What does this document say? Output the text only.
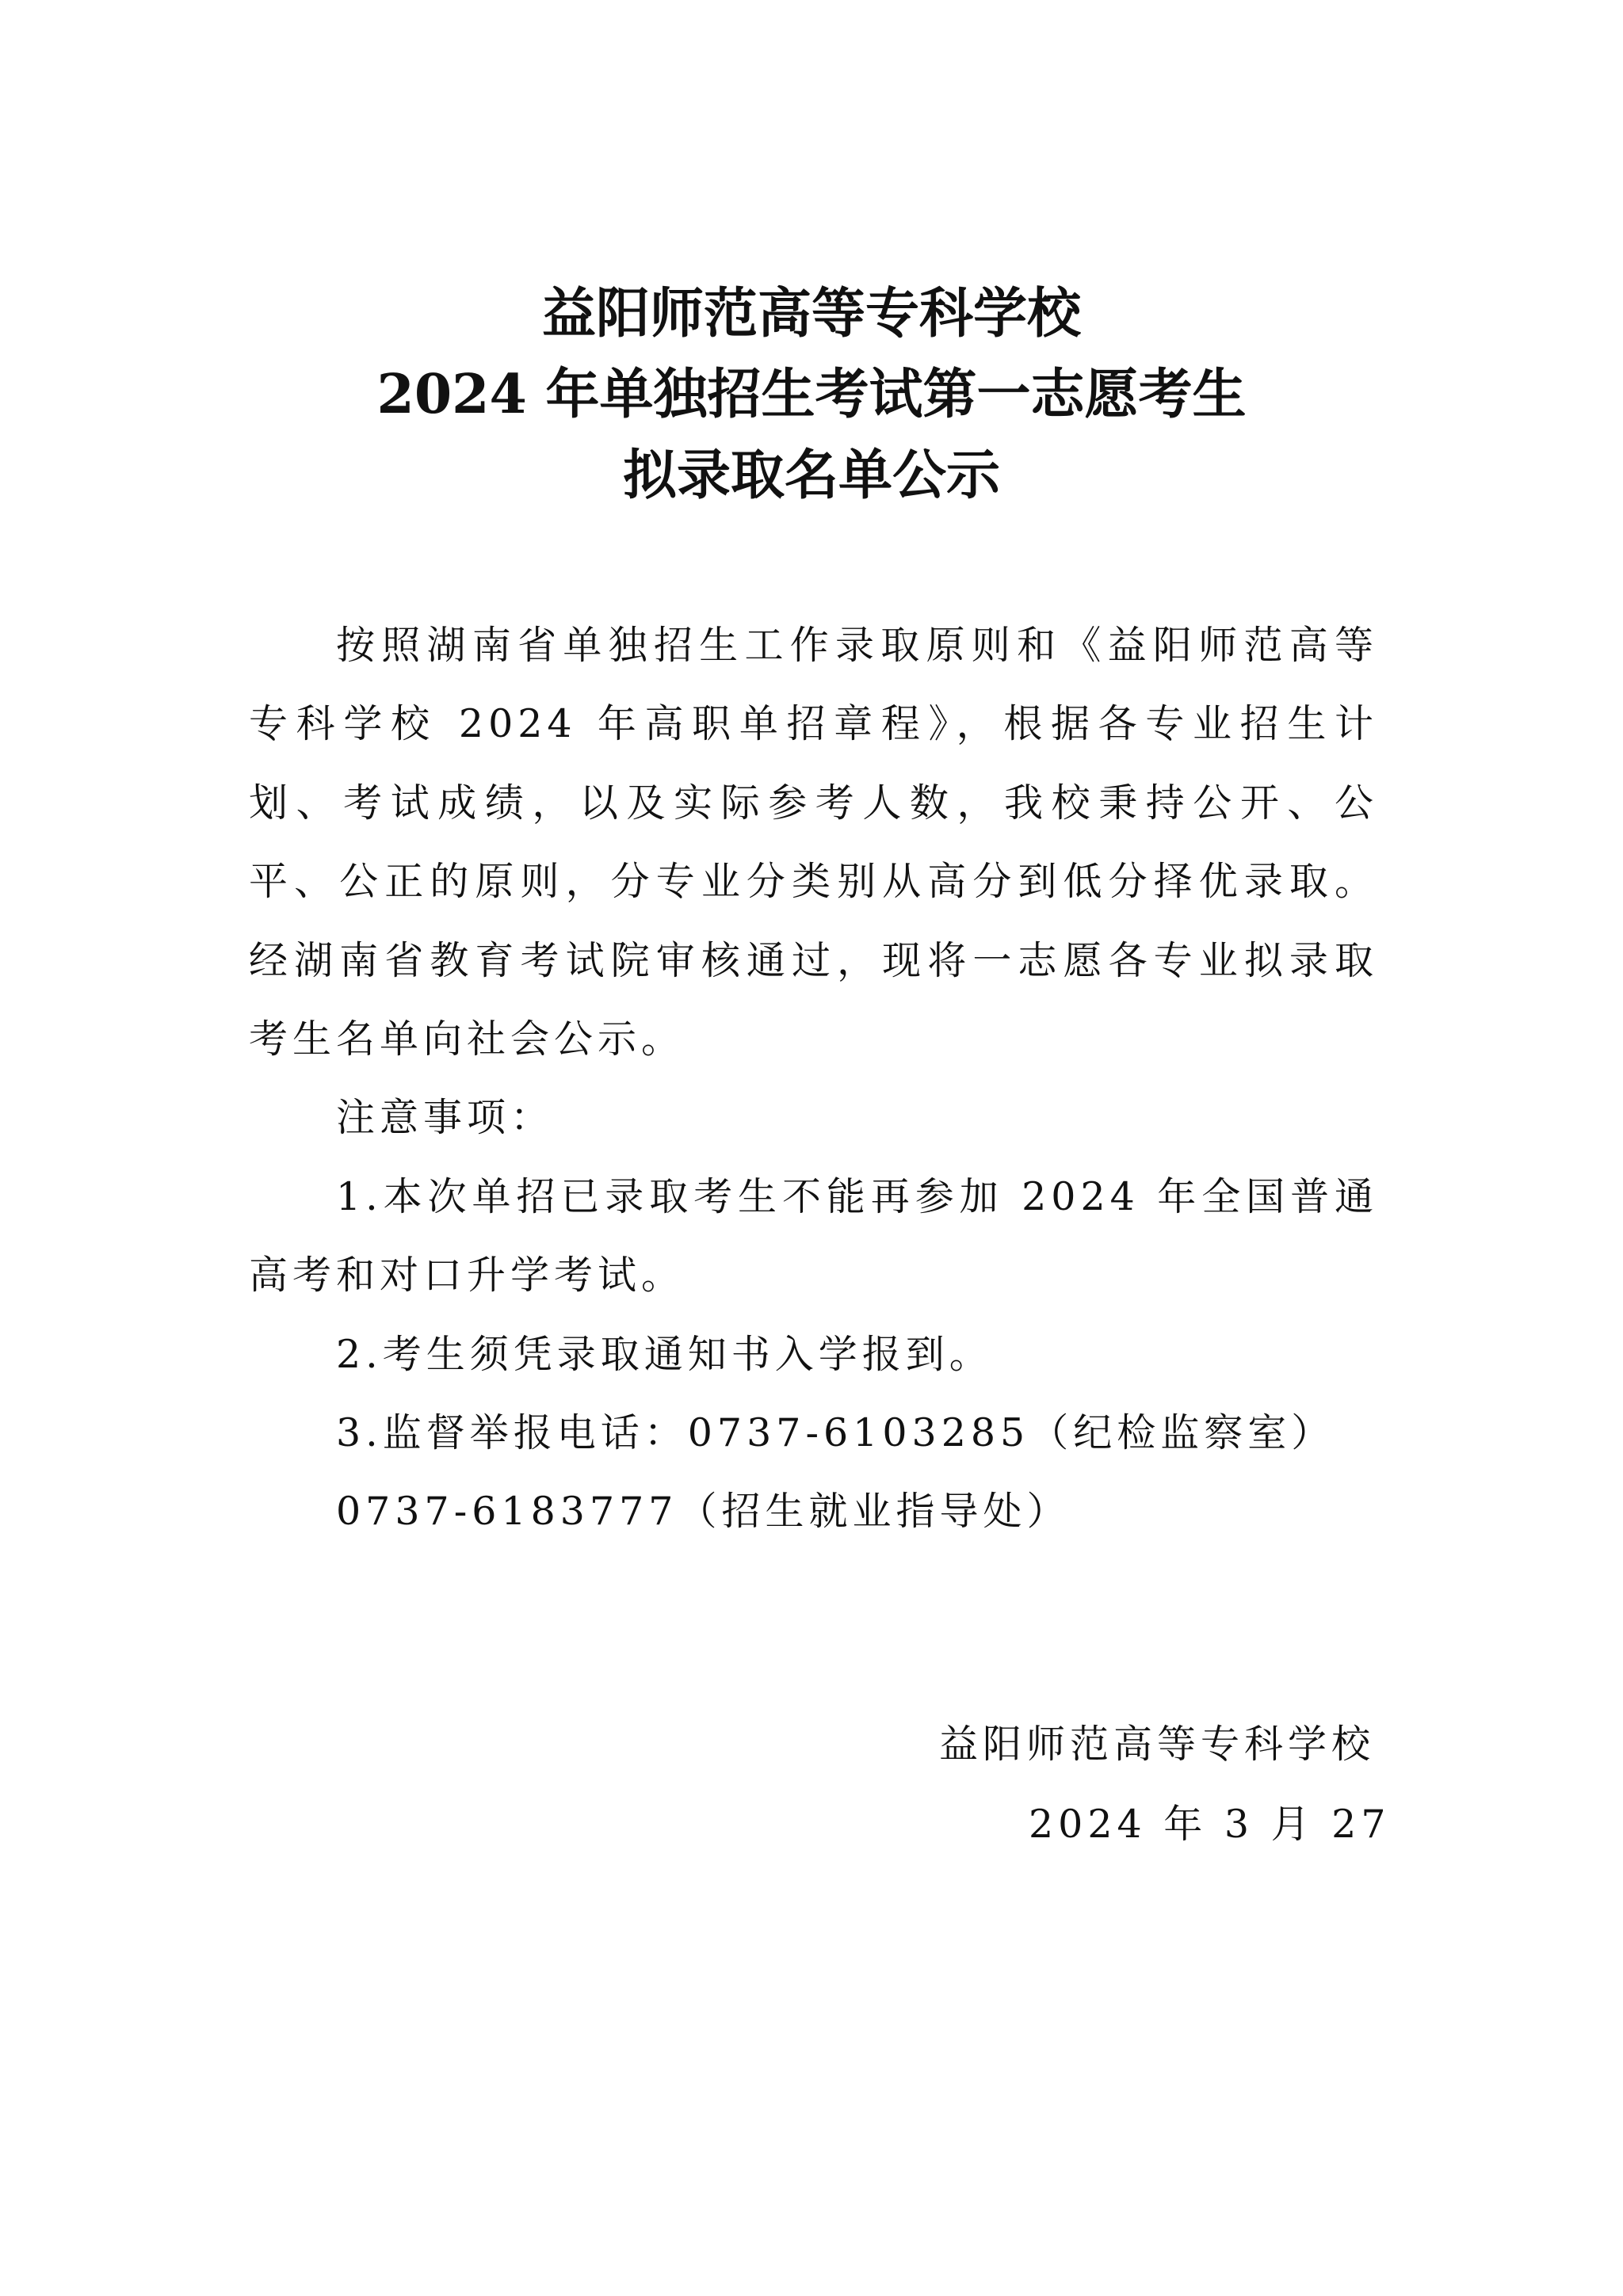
益阳师范高等专科学校
2024 年单独招生考试第一志愿考生
拟录取名单公示

按照湖南省单独招生工作录取原则和《益阳师范高等专科学校 2024 年高职单招章程》，根据各专业招生计划、考试成绩，以及实际参考人数，我校秉持公开、公平、公正的原则，分专业分类别从高分到低分择优录取。经湖南省教育考试院审核通过，现将一志愿各专业拟录取考生名单向社会公示。

注意事项：

1.本次单招已录取考生不能再参加 2024 年全国普通高考和对口升学考试。

2.考生须凭录取通知书入学报到。

3.监督举报电话：0737-6103285（纪检监察室）

0737-6183777（招生就业指导处）

益阳师范高等专科学校
2024 年 3 月 27
